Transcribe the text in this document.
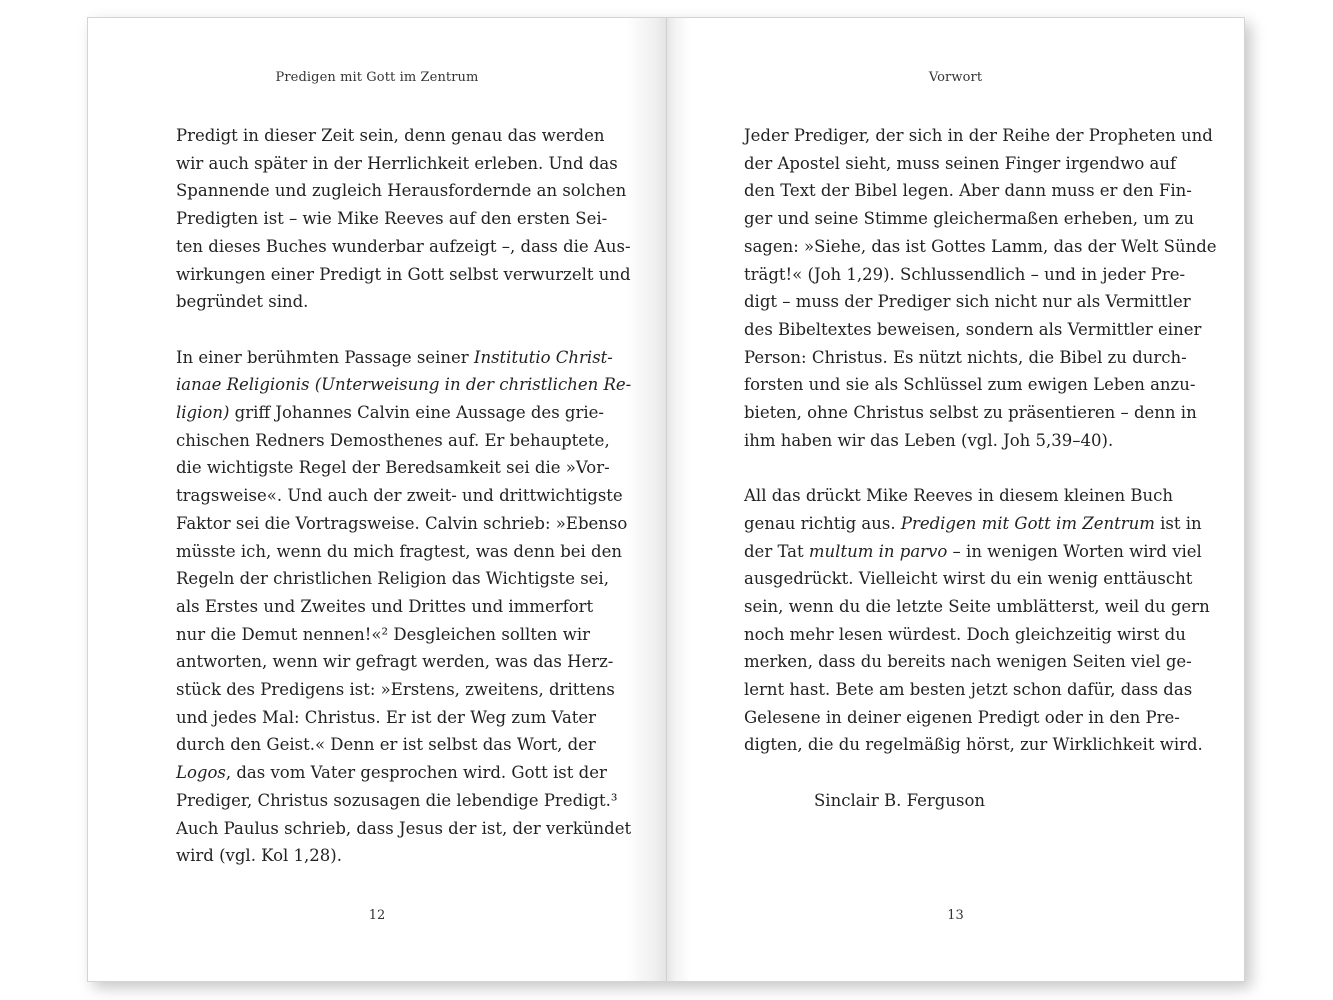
Predigen mit Gott im Zentrum

Predigt in dieser Zeit sein, denn genau das werden
wir auch später in der Herrlichkeit erleben. Und das
Spannende und zugleich Herausfordernde an solchen
Predigten ist – wie Mike Reeves auf den ersten Sei-
ten dieses Buches wunderbar aufzeigt –, dass die Aus-
wirkungen einer Predigt in Gott selbst verwurzelt und
begründet sind.

In einer berühmten Passage seiner Institutio Christ-
ianae Religionis (Unterweisung in der christlichen Re-
ligion) griff Johannes Calvin eine Aussage des grie-
chischen Redners Demosthenes auf. Er behauptete,
die wichtigste Regel der Beredsamkeit sei die »Vor-
tragsweise«. Und auch der zweit- und drittwichtigste
Faktor sei die Vortragsweise. Calvin schrieb: »Ebenso
müsste ich, wenn du mich fragtest, was denn bei den
Regeln der christlichen Religion das Wichtigste sei,
als Erstes und Zweites und Drittes und immerfort
nur die Demut nennen!«² Desgleichen sollten wir
antworten, wenn wir gefragt werden, was das Herz-
stück des Predigens ist: »Erstens, zweitens, drittens
und jedes Mal: Christus. Er ist der Weg zum Vater
durch den Geist.« Denn er ist selbst das Wort, der
Logos, das vom Vater gesprochen wird. Gott ist der
Prediger, Christus sozusagen die lebendige Predigt.³
Auch Paulus schrieb, dass Jesus der ist, der verkündet
wird (vgl. Kol 1,28).

12
Vorwort

Jeder Prediger, der sich in der Reihe der Propheten und
der Apostel sieht, muss seinen Finger irgendwo auf
den Text der Bibel legen. Aber dann muss er den Fin-
ger und seine Stimme gleichermaßen erheben, um zu
sagen: »Siehe, das ist Gottes Lamm, das der Welt Sünde
trägt!« (Joh 1,29). Schlussendlich – und in jeder Pre-
digt – muss der Prediger sich nicht nur als Vermittler
des Bibeltextes beweisen, sondern als Vermittler einer
Person: Christus. Es nützt nichts, die Bibel zu durch-
forsten und sie als Schlüssel zum ewigen Leben anzu-
bieten, ohne Christus selbst zu präsentieren – denn in
ihm haben wir das Leben (vgl. Joh 5,39–40).

All das drückt Mike Reeves in diesem kleinen Buch
genau richtig aus. Predigen mit Gott im Zentrum ist in
der Tat multum in parvo – in wenigen Worten wird viel
ausgedrückt. Vielleicht wirst du ein wenig enttäuscht
sein, wenn du die letzte Seite umblätterst, weil du gern
noch mehr lesen würdest. Doch gleichzeitig wirst du
merken, dass du bereits nach wenigen Seiten viel ge-
lernt hast. Bete am besten jetzt schon dafür, dass das
Gelesene in deiner eigenen Predigt oder in den Pre-
digten, die du regelmäßig hörst, zur Wirklichkeit wird.

Sinclair B. Ferguson

13
